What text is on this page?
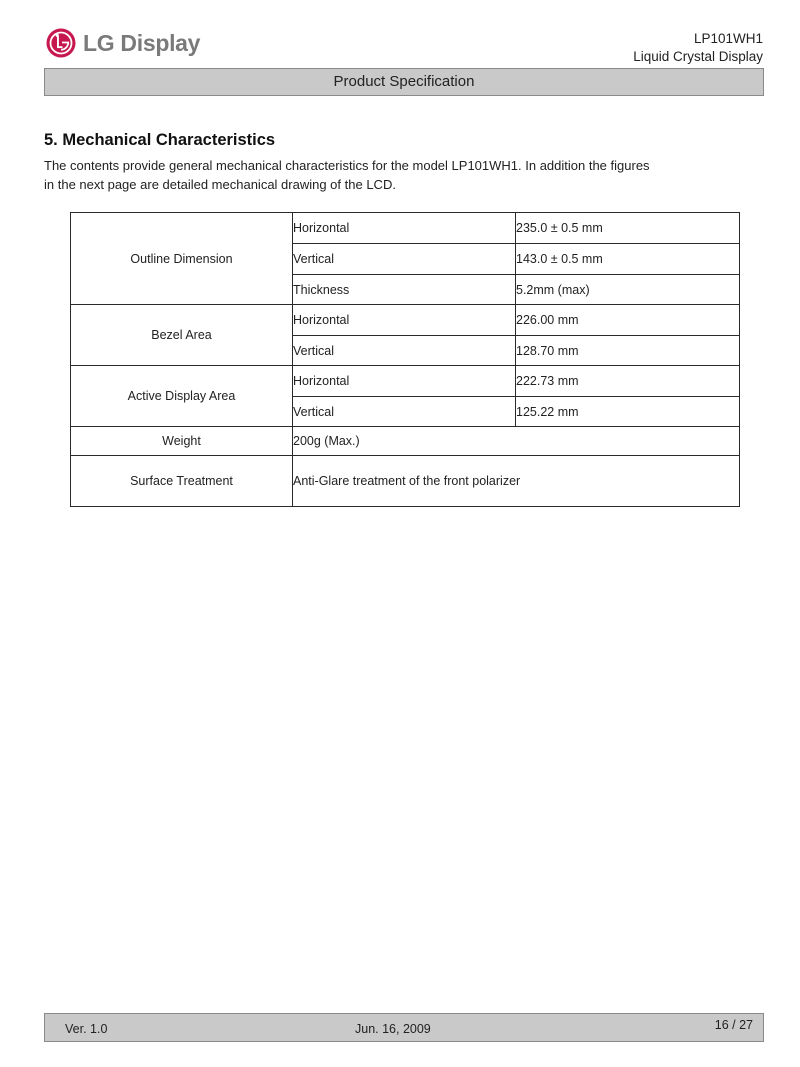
LG Display	LP101WH1
Liquid Crystal Display
Product Specification
5. Mechanical Characteristics

The contents provide general mechanical characteristics for the model LP101WH1. In addition the figures
in the next page are detailed mechanical drawing of the LCD.

Outline Dimension	Horizontal	235.0 ± 0.5 mm
	Vertical	143.0 ± 0.5 mm
	Thickness	5.2mm (max)
Bezel Area	Horizontal	226.00 mm
	Vertical	128.70 mm
Active Display Area	Horizontal	222.73 mm
	Vertical	125.22 mm
Weight	200g (Max.)	
Surface Treatment	Anti-Glare treatment of the front polarizer	
Ver. 1.0	Jun. 16, 2009	16 / 27
